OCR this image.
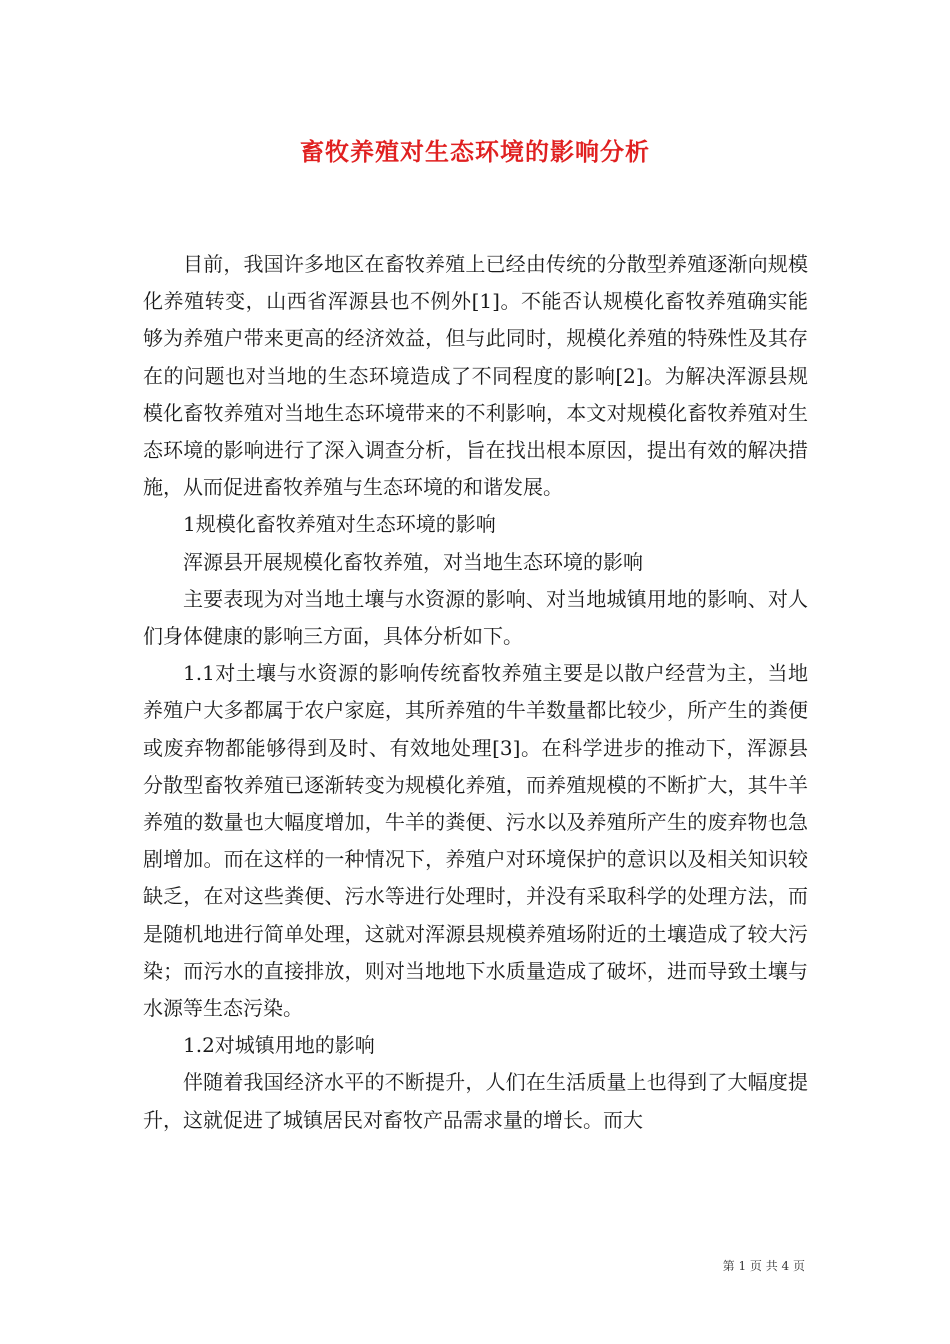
畜牧养殖对生态环境的影响分析

目前，我国许多地区在畜牧养殖上已经由传统的分散型养殖逐渐向规模化养殖转变，山西省浑源县也不例外[1]。不能否认规模化畜牧养殖确实能够为养殖户带来更高的经济效益，但与此同时，规模化养殖的特殊性及其存在的问题也对当地的生态环境造成了不同程度的影响[2]。为解决浑源县规模化畜牧养殖对当地生态环境带来的不利影响，本文对规模化畜牧养殖对生态环境的影响进行了深入调查分析，旨在找出根本原因，提出有效的解决措施，从而促进畜牧养殖与生态环境的和谐发展。

1规模化畜牧养殖对生态环境的影响

浑源县开展规模化畜牧养殖，对当地生态环境的影响

主要表现为对当地土壤与水资源的影响、对当地城镇用地的影响、对人们身体健康的影响三方面，具体分析如下。

1.1对土壤与水资源的影响传统畜牧养殖主要是以散户经营为主，当地养殖户大多都属于农户家庭，其所养殖的牛羊数量都比较少，所产生的粪便或废弃物都能够得到及时、有效地处理[3]。在科学进步的推动下，浑源县分散型畜牧养殖已逐渐转变为规模化养殖，而养殖规模的不断扩大，其牛羊养殖的数量也大幅度增加，牛羊的粪便、污水以及养殖所产生的废弃物也急剧增加。而在这样的一种情况下，养殖户对环境保护的意识以及相关知识较缺乏，在对这些粪便、污水等进行处理时，并没有采取科学的处理方法，而是随机地进行简单处理，这就对浑源县规模养殖场附近的土壤造成了较大污染；而污水的直接排放，则对当地地下水质量造成了破坏，进而导致土壤与水源等生态污染。

1.2对城镇用地的影响

伴随着我国经济水平的不断提升，人们在生活质量上也得到了大幅度提升，这就促进了城镇居民对畜牧产品需求量的增长。而大

第 1 页 共 4 页
